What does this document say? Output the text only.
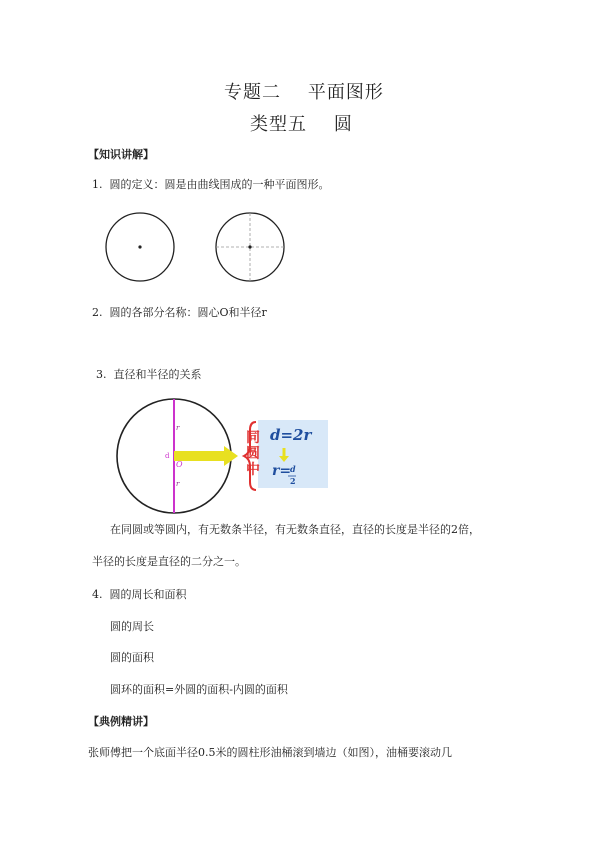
专题二    平面图形
类型五    圆
【知识讲解】
1.  圆的定义：圆是由曲线围成的一种平面图形。
2.  圆的各部分名称：圆心O和半径r
3.  直径和半径的关系
r
d
O
r
同
圆
中
d=2r
r=
d
2
在同圆或等圆内，有无数条半径，有无数条直径，直径的长度是半径的2倍，
半径的长度是直径的二分之一。
4.  圆的周长和面积
圆的周长
圆的面积
圆环的面积=外圆的面积-内圆的面积
【典例精讲】
张师傅把一个底面半径0.5米的圆柱形油桶滚到墙边（如图），油桶要滚动几
